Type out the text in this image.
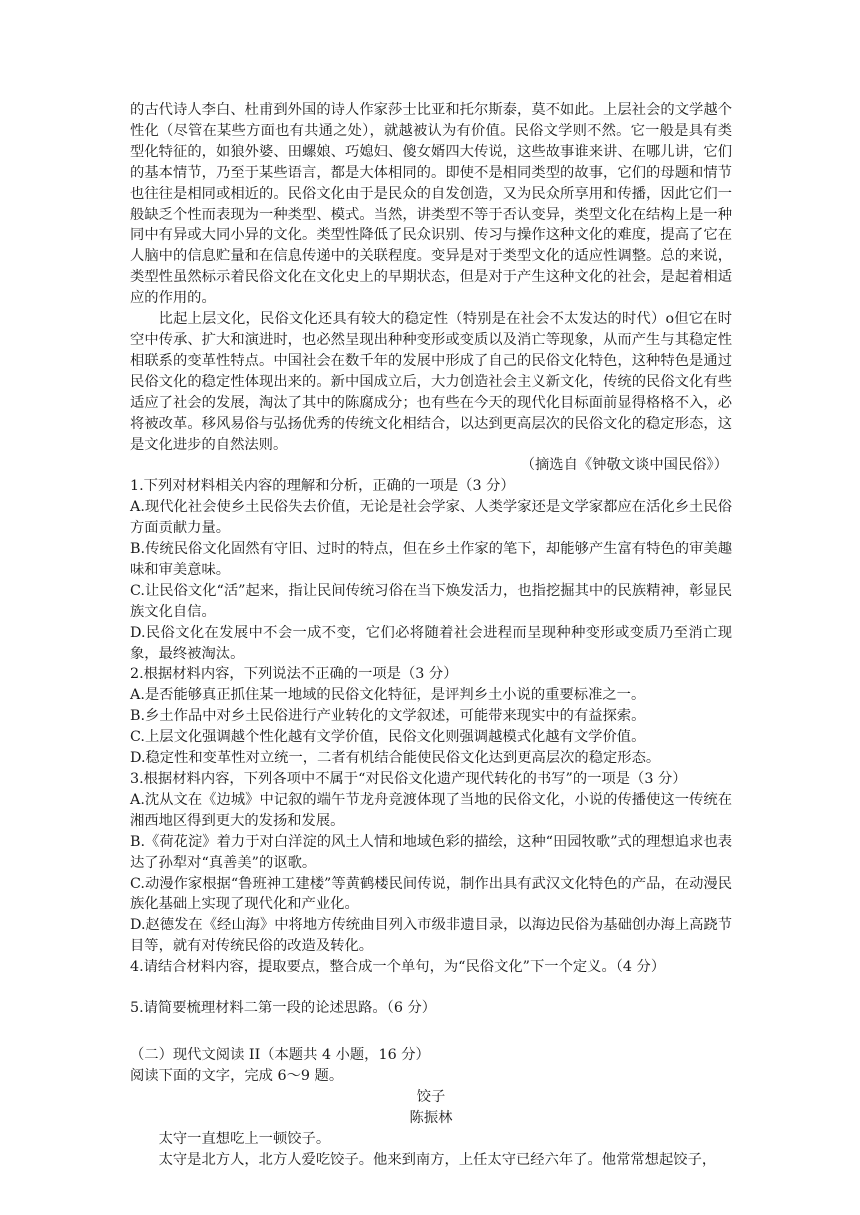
的古代诗人李白、杜甫到外国的诗人作家莎士比亚和托尔斯泰，莫不如此。上层社会的文学越个性化（尽管在某些方面也有共通之处），就越被认为有价值。民俗文学则不然。它一般是具有类型化特征的，如狼外婆、田螺娘、巧媳妇、傻女婿四大传说，这些故事谁来讲、在哪儿讲，它们的基本情节，乃至于某些语言，都是大体相同的。即使不是相同类型的故事，它们的母题和情节也往往是相同或相近的。民俗文化由于是民众的自发创造，又为民众所享用和传播，因此它们一般缺乏个性而表现为一种类型、模式。当然，讲类型不等于否认变异，类型文化在结构上是一种同中有异或大同小异的文化。类型性降低了民众识别、传习与操作这种文化的难度，提高了它在人脑中的信息贮量和在信息传递中的关联程度。变异是对于类型文化的适应性调整。总的来说，类型性虽然标示着民俗文化在文化史上的早期状态，但是对于产生这种文化的社会，是起着相适应的作用的。

比起上层文化，民俗文化还具有较大的稳定性（特别是在社会不太发达的时代）o但它在时空中传承、扩大和演进时，也必然呈现出种种变形或变质以及消亡等现象，从而产生与其稳定性相联系的变革性特点。中国社会在数千年的发展中形成了自己的民俗文化特色，这种特色是通过民俗文化的稳定性体现出来的。新中国成立后，大力创造社会主义新文化，传统的民俗文化有些适应了社会的发展，淘汰了其中的陈腐成分；也有些在今天的现代化目标面前显得格格不入，必将被改革。移风易俗与弘扬优秀的传统文化相结合，以达到更高层次的民俗文化的稳定形态，这是文化进步的自然法则。

（摘选自《钟敬文谈中国民俗》）

1.下列对材料相关内容的理解和分析，正确的一项是（3 分）

A.现代化社会使乡土民俗失去价值，无论是社会学家、人类学家还是文学家都应在活化乡土民俗方面贡献力量。

B.传统民俗文化固然有守旧、过时的特点，但在乡土作家的笔下，却能够产生富有特色的审美趣味和审美意味。

C.让民俗文化“活”起来，指让民间传统习俗在当下焕发活力，也指挖掘其中的民族精神，彰显民族文化自信。

D.民俗文化在发展中不会一成不变，它们必将随着社会进程而呈现种种变形或变质乃至消亡现象，最终被淘汰。

2.根据材料内容，下列说法不正确的一项是（3 分）

A.是否能够真正抓住某一地域的民俗文化特征，是评判乡土小说的重要标准之一。

B.乡土作品中对乡土民俗进行产业转化的文学叙述，可能带来现实中的有益探索。

C.上层文化强调越个性化越有文学价值，民俗文化则强调越模式化越有文学价值。

D.稳定性和变革性对立统一，二者有机结合能使民俗文化达到更高层次的稳定形态。

3.根据材料内容，下列各项中不属于“对民俗文化遗产现代转化的书写”的一项是（3 分）

A.沈从文在《边城》中记叙的端午节龙舟竞渡体现了当地的民俗文化，小说的传播使这一传统在湘西地区得到更大的发扬和发展。

B.《荷花淀》着力于对白洋淀的风土人情和地域色彩的描绘，这种“田园牧歌”式的理想追求也表达了孙犁对“真善美”的讴歌。

C.动漫作家根据“鲁班神工建楼”等黄鹤楼民间传说，制作出具有武汉文化特色的产品，在动漫民族化基础上实现了现代化和产业化。

D.赵德发在《经山海》中将地方传统曲目列入市级非遗目录，以海边民俗为基础创办海上高跷节目等，就有对传统民俗的改造及转化。

4.请结合材料内容，提取要点，整合成一个单句，为“民俗文化”下一个定义。（4 分）

5.请简要梳理材料二第一段的论述思路。（6 分）

（二）现代文阅读 II（本题共 4 小题，16 分）

阅读下面的文字，完成 6〜9 题。

饺子

陈振林

太守一直想吃上一顿饺子。

太守是北方人，北方人爱吃饺子。他来到南方，上任太守已经六年了。他常常想起饺子，
